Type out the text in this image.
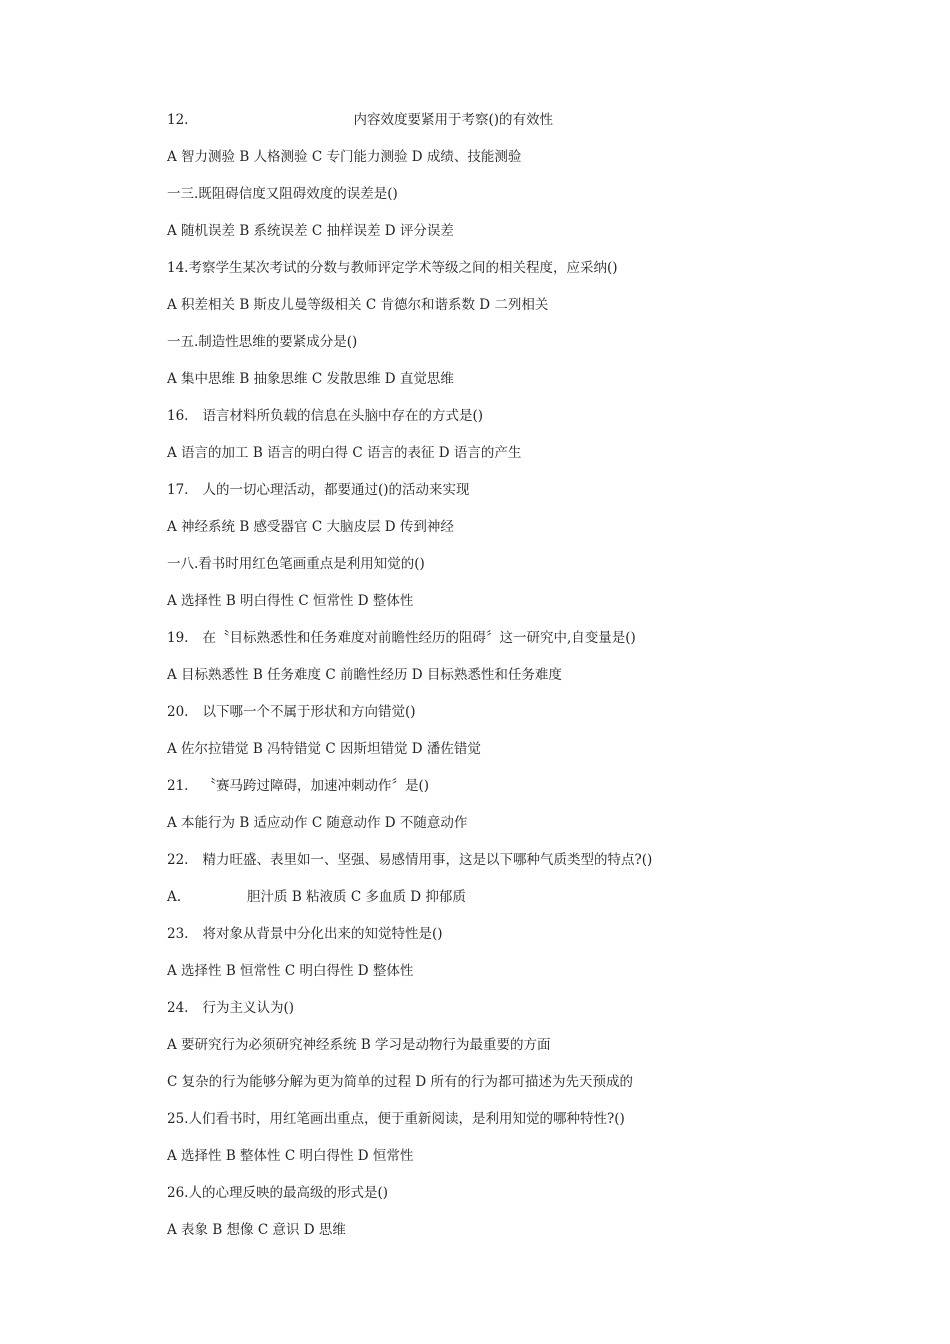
12.	内容效度要紧用于考察()的有效性
A 智力测验 B 人格测验 C 专门能力测验 D 成绩、技能测验
一三.既阻碍信度又阻碍效度的误差是()
A 随机误差 B 系统误差 C 抽样误差 D 评分误差
14.考察学生某次考试的分数与教师评定学术等级之间的相关程度，应采纳()
A 积差相关 B 斯皮儿曼等级相关 C 肯德尔和谐系数 D 二列相关
一五.制造性思维的要紧成分是()
A 集中思维 B 抽象思维 C 发散思维 D 直觉思维
16. 语言材料所负载的信息在头脑中存在的方式是()
A 语言的加工 B 语言的明白得 C 语言的表征 D 语言的产生
17. 人的一切心理活动，都要通过()的活动来实现
A 神经系统 B 感受器官 C 大脑皮层 D 传到神经
一八.看书时用红色笔画重点是利用知觉的()
A 选择性 B 明白得性 C 恒常性 D 整体性
19. 在〝目标熟悉性和任务难度对前瞻性经历的阻碍〞这一研究中,自变量是()
A 目标熟悉性 B 任务难度 C 前瞻性经历 D 目标熟悉性和任务难度
20. 以下哪一个不属于形状和方向错觉()
A 佐尔拉错觉 B 冯特错觉 C 因斯坦错觉 D 潘佐错觉
21. 〝赛马跨过障碍，加速冲刺动作〞是()
A 本能行为 B 适应动作 C 随意动作 D 不随意动作
22. 精力旺盛、表里如一、坚强、易感情用事，这是以下哪种气质类型的特点?()
A.	胆汁质 B 粘液质 C 多血质 D 抑郁质
23. 将对象从背景中分化出来的知觉特性是()
A 选择性 B 恒常性 C 明白得性 D 整体性
24. 行为主义认为()
A 要研究行为必须研究神经系统 B 学习是动物行为最重要的方面
C 复杂的行为能够分解为更为简单的过程 D 所有的行为都可描述为先天预成的
25.人们看书时，用红笔画出重点，便于重新阅读，是利用知觉的哪种特性?()
A 选择性 B 整体性 C 明白得性 D 恒常性
26.人的心理反映的最高级的形式是()
A 表象 B 想像 C 意识 D 思维
